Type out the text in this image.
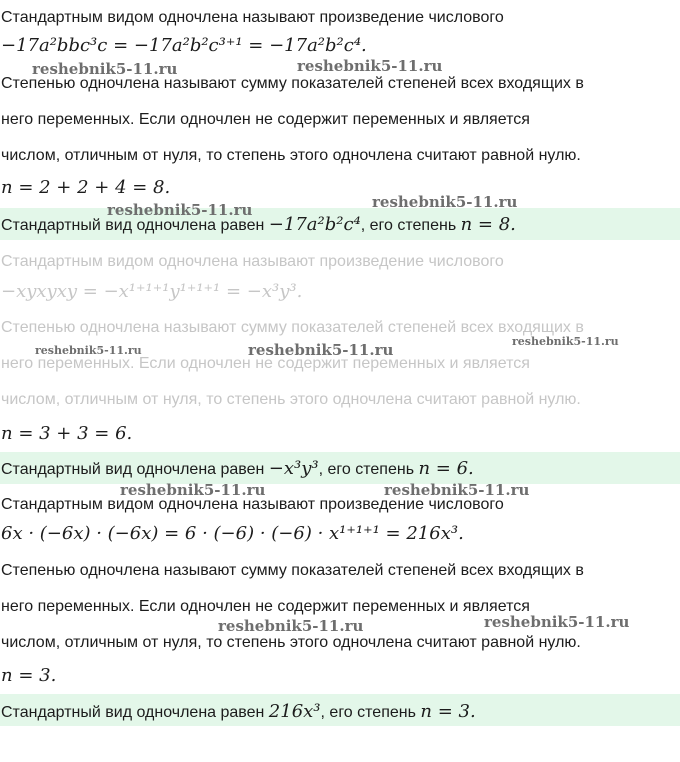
Стандартным видом одночлена называют произведение числового
−17a²bbc³c = −17a²b²c³⁺¹ = −17a²b²c⁴.
Степенью одночлена называют сумму показателей степеней всех входящих в
него переменных. Если одночлен не содержит переменных и является
числом, отличным от нуля, то степень этого одночлена считают равной нулю.
n = 2 + 2 + 4 = 8.
Стандартный вид одночлена равен −17a²b²c⁴, его степень n = 8.
Стандартным видом одночлена называют произведение числового
−xyxyxy = −x¹⁺¹⁺¹y¹⁺¹⁺¹ = −x³y³.
Степенью одночлена называют сумму показателей степеней всех входящих в
него переменных. Если одночлен не содержит переменных и является
числом, отличным от нуля, то степень этого одночлена считают равной нулю.
n = 3 + 3 = 6.
Стандартный вид одночлена равен −x³y³, его степень n = 6.
Стандартным видом одночлена называют произведение числового
6x · (−6x) · (−6x) = 6 · (−6) · (−6) · x¹⁺¹⁺¹ = 216x³.
Степенью одночлена называют сумму показателей степеней всех входящих в
него переменных. Если одночлен не содержит переменных и является
числом, отличным от нуля, то степень этого одночлена считают равной нулю.
n = 3.
Стандартный вид одночлена равен 216x³, его степень n = 3.
reshebnik5-11.ru	reshebnik5-11.ru
reshebnik5-11.ru
reshebnik5-11.ru
reshebnik5-11.ru	reshebnik5-11.ru	reshebnik5-11.ru
reshebnik5-11.ru	reshebnik5-11.ru
reshebnik5-11.ru	reshebnik5-11.ru
